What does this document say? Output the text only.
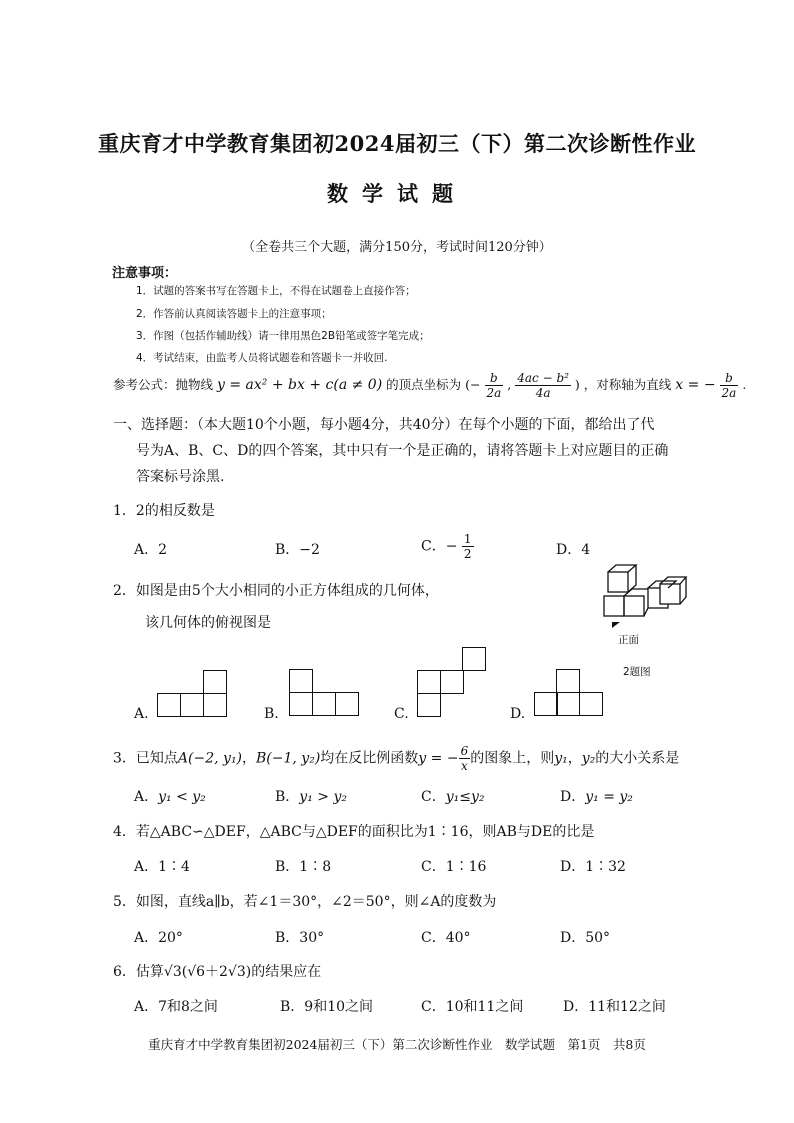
重庆育才中学教育集团初2024届初三（下）第二次诊断性作业
数学试题
（全卷共三个大题，满分150分，考试时间120分钟）
注意事项：
1．试题的答案书写在答题卡上，不得在试题卷上直接作答；
2．作答前认真阅读答题卡上的注意事项；
3．作图（包括作辅助线）请一律用黑色2B铅笔或签字笔完成；
4．考试结束，由监考人员将试题卷和答题卡一并收回.
参考公式：抛物线 y = ax² + bx + c(a ≠ 0) 的顶点坐标为 (− $\frac{b}{2a}$ , $\frac{\text{4ac − b²}}{4a}$ ) ，对称轴为直线 x = − $\frac{b}{2a}$ .
一、选择题：（本大题10个小题，每小题4分，共40分）在每个小题的下面，都给出了代
号为A、B、C、D的四个答案，其中只有一个是正确的，请将答题卡上对应题目的正确
答案标号涂黑.
1．2的相反数是
A．2	B．−2	C．− $\frac{1}{2}$	D．4
2．如图是由5个大小相同的小正方体组成的几何体，
该几何体的俯视图是
正面
2题图
A.	B.	C.	D.
3．已知点A(−2, y₁)，B(−1, y₂)均在反比例函数y = − $\frac{6}{x}$ 的图象上，则y₁，y₂的大小关系是
A．y₁ < y₂	B．y₁ > y₂	C．y₁≤y₂	D．y₁ = y₂
4．若△ABC∽△DEF，△ABC与△DEF的面积比为1∶16，则AB与DE的比是
A．1∶4	B．1∶8	C．1∶16	D．1∶32
5．如图，直线a∥b，若∠1＝30°，∠2＝50°，则∠A的度数为
A．20°	B．30°	C．40°	D．50°
6．估算√3(√6＋2√3)的结果应在
A．7和8之间	B．9和10之间	C．10和11之间	D．11和12之间
重庆育才中学教育集团初2024届初三（下）第二次诊断性作业　数学试题　第1页　共8页
